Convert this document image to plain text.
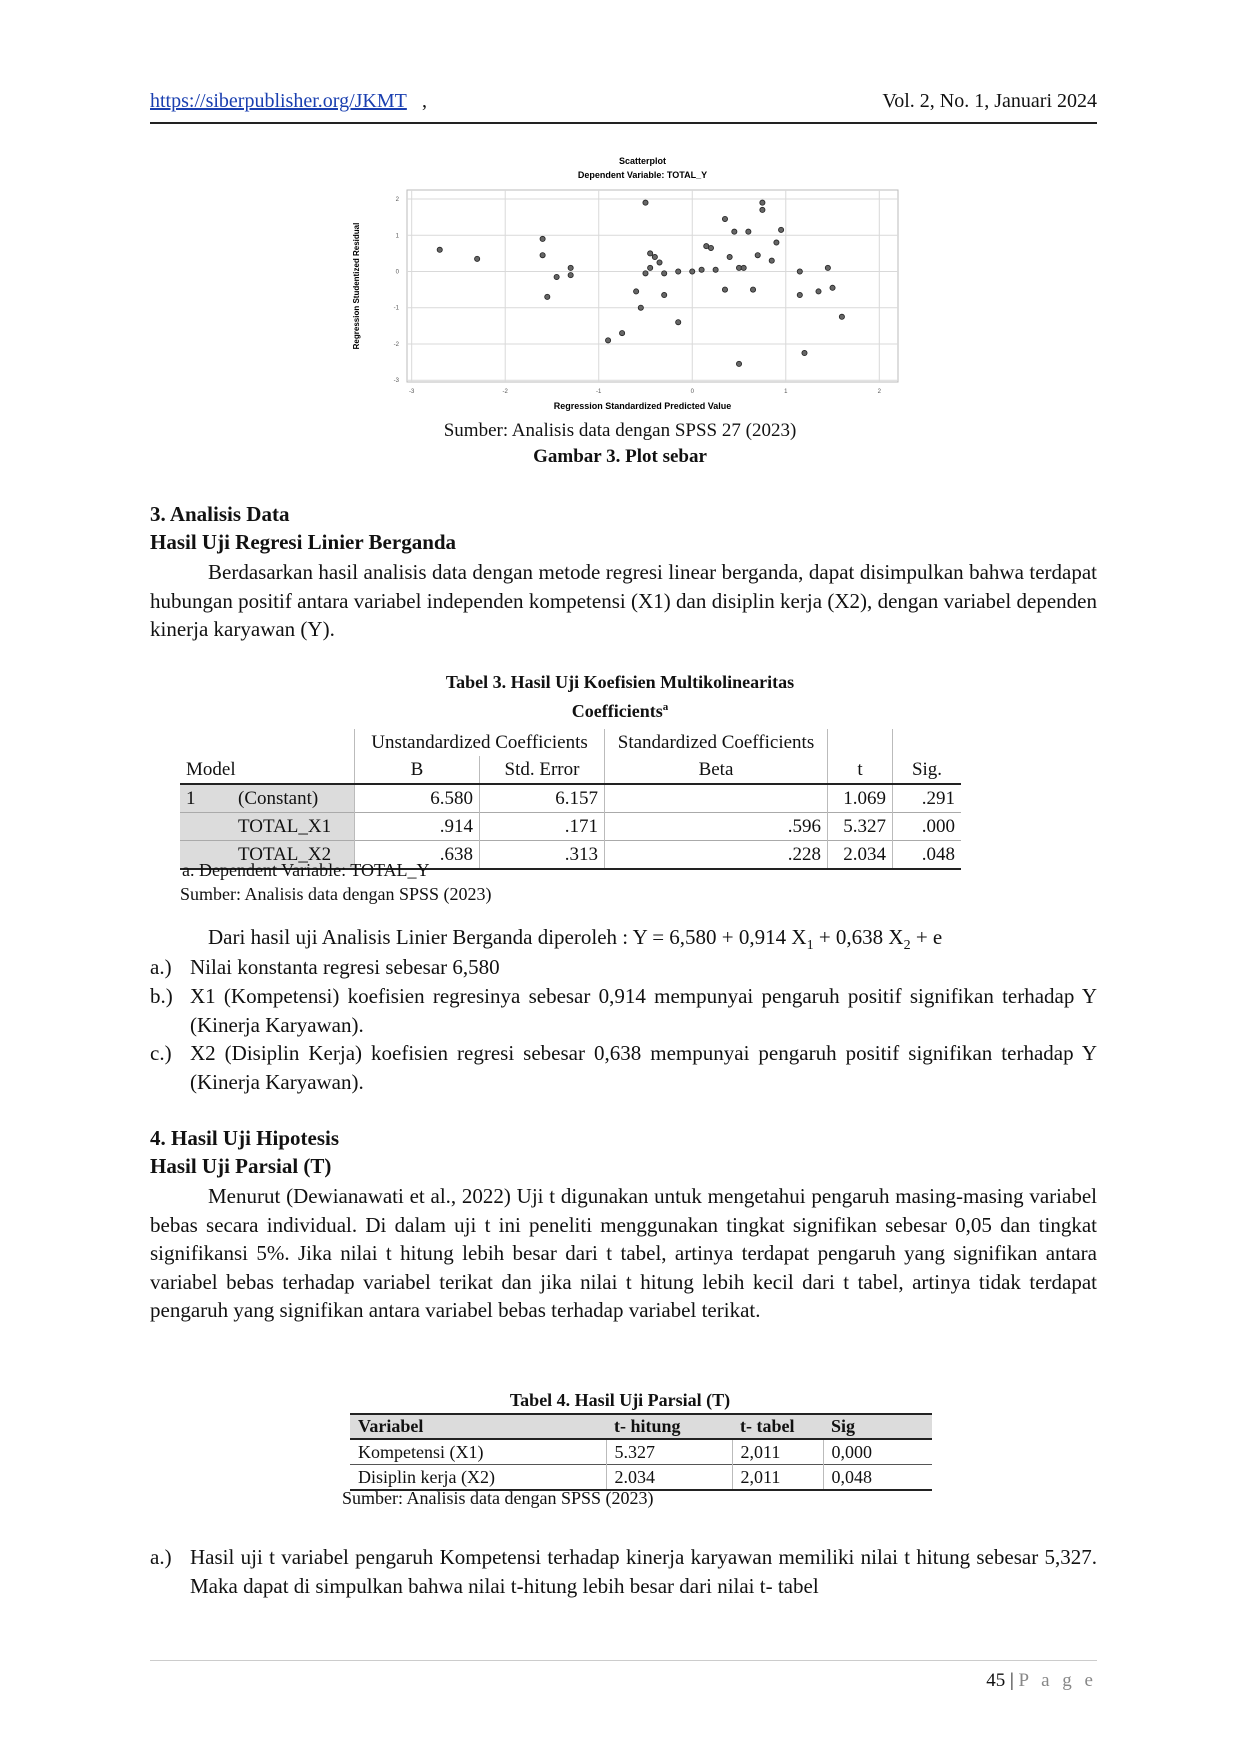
https://siberpublisher.org/JKMT ,	Vol. 2, No. 1, Januari 2024
Scatterplot
Dependent Variable: TOTAL_Y
-3	-2	-1	0	1	2
2
1
0
-1
-2
-3
Regression Standardized Predicted Value
Regression Studentized Residual
Sumber: Analisis data dengan SPSS 27 (2023)
Gambar 3. Plot sebar
3. Analisis Data
Hasil Uji Regresi Linier Berganda

Berdasarkan hasil analisis data dengan metode regresi linear berganda, dapat disimpulkan bahwa terdapat hubungan positif antara variabel independen kompetensi (X1) dan disiplin kerja (X2), dengan variabel dependen kinerja karyawan (Y).

Tabel 3. Hasil Uji Koefisien Multikolinearitas
Coefficients$^a$
		Unstandardized Coefficients		Standardized Coefficients		
Model		B	Std. Error	Beta	t	Sig.
1	(Constant)	6.580	6.157		1.069	.291
	TOTAL_X1	.914	.171	.596	5.327	.000
	TOTAL_X2	.638	.313	.228	2.034	.048
a. Dependent Variable: TOTAL_Y
Sumber: Analisis data dengan SPSS (2023)
Dari hasil uji Analisis Linier Berganda diperoleh : Y = 6,580 + 0,914 $X_1 + 0,638$ $X_2 + e$
a.) Nilai konstanta regresi sebesar 6,580
b.) X1 (Kompetensi) koefisien regresinya sebesar 0,914 mempunyai pengaruh positif signifikan terhadap Y (Kinerja Karyawan).
c.) X2 (Disiplin Kerja) koefisien regresi sebesar 0,638 mempunyai pengaruh positif signifikan terhadap Y (Kinerja Karyawan).
4. Hasil Uji Hipotesis
Hasil Uji Parsial (T)

Menurut (Dewianawati et al., 2022) Uji t digunakan untuk mengetahui pengaruh masing-masing variabel bebas secara individual. Di dalam uji t ini peneliti menggunakan tingkat signifikan sebesar 0,05 dan tingkat signifikansi 5%. Jika nilai t hitung lebih besar dari t tabel, artinya terdapat pengaruh yang signifikan antara variabel bebas terhadap variabel terikat dan jika nilai t hitung lebih kecil dari t tabel, artinya tidak terdapat pengaruh yang signifikan antara variabel bebas terhadap variabel terikat.

Tabel 4. Hasil Uji Parsial (T)
Variabel	t- hitung	t- tabel	Sig
Kompetensi (X1)	5.327	2,011	0,000
Disiplin kerja (X2)	2.034	2,011	0,048
Sumber: Analisis data dengan SPSS (2023)
a.) Hasil uji t variabel pengaruh Kompetensi terhadap kinerja karyawan memiliki nilai t hitung sebesar 5,327. Maka dapat di simpulkan bahwa nilai t-hitung lebih besar dari nilai t- tabel
45 | P a g e
